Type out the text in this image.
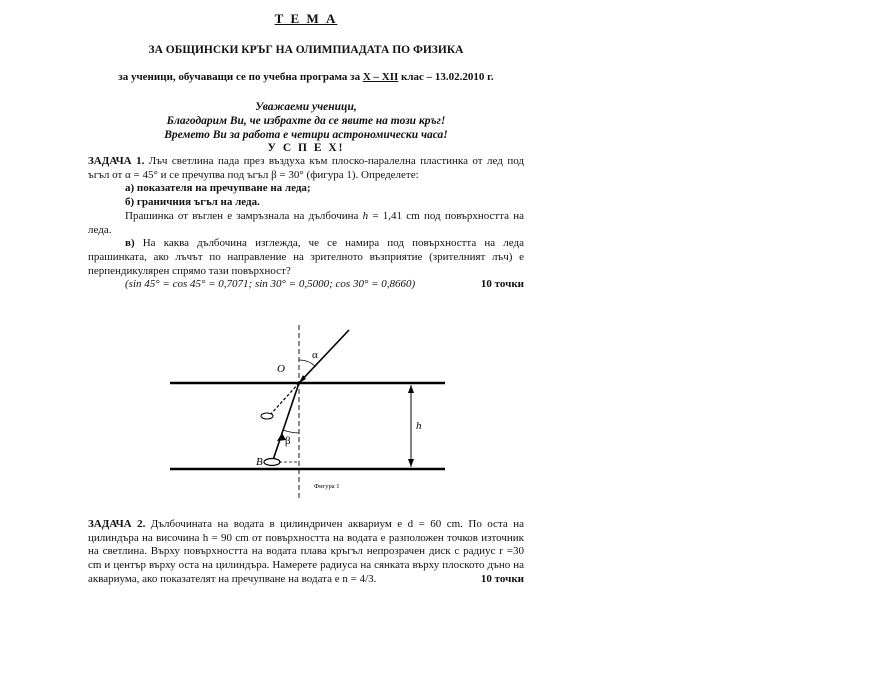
Т Е М А
ЗА ОБЩИНСКИ КРЪГ НА ОЛИМПИАДАТА ПО ФИЗИКА
за ученици, обучаващи се по учебна програма за Х – ХІІ клас – 13.02.2010 г.
Уважаеми ученици,
Благодарим Ви, че избрахте да се явите на този кръг!
Времето Ви за работа е четири астрономически часа!
У С П Е Х!
ЗАДАЧА 1. Лъч светлина пада през въздуха към плоско-паралелна пластинка от лед под ъгъл от α = 45° и се пречупва под ъгъл β = 30° (фигура 1). Определете:
а) показателя на пречупване на леда;
б) граничния ъгъл на леда.
Прашинка от въглен е замръзнала на дълбочина h = 1,41 cm под повърхността на леда.
в) На каква дълбочина изглежда, че се намира под повърхността на леда прашинката, ако лъчът по направление на зрителното възприятие (зрителният лъч) е перпендикулярен спрямо тази повърхност?
(sin 45° = cos 45° = 0,7071; sin 30° = 0,5000; cos 30° = 0,8660)	10 точки
O
α
β
h
B
Фигура 1
ЗАДАЧА 2. Дълбочината на водата в цилиндричен аквариум е d = 60 cm. По оста на цилиндъра на височина h = 90 cm от повърхността на водата е разположен точков източник на светлина. Върху повърхността на водата плава кръгъл непрозрачен диск с радиус r =30 cm и център върху оста на цилиндъра. Намерете радиуса на сянката върху плоското дъно на аквариума, ако показателят на пречупване на водата е n = 4/3.	10 точки
